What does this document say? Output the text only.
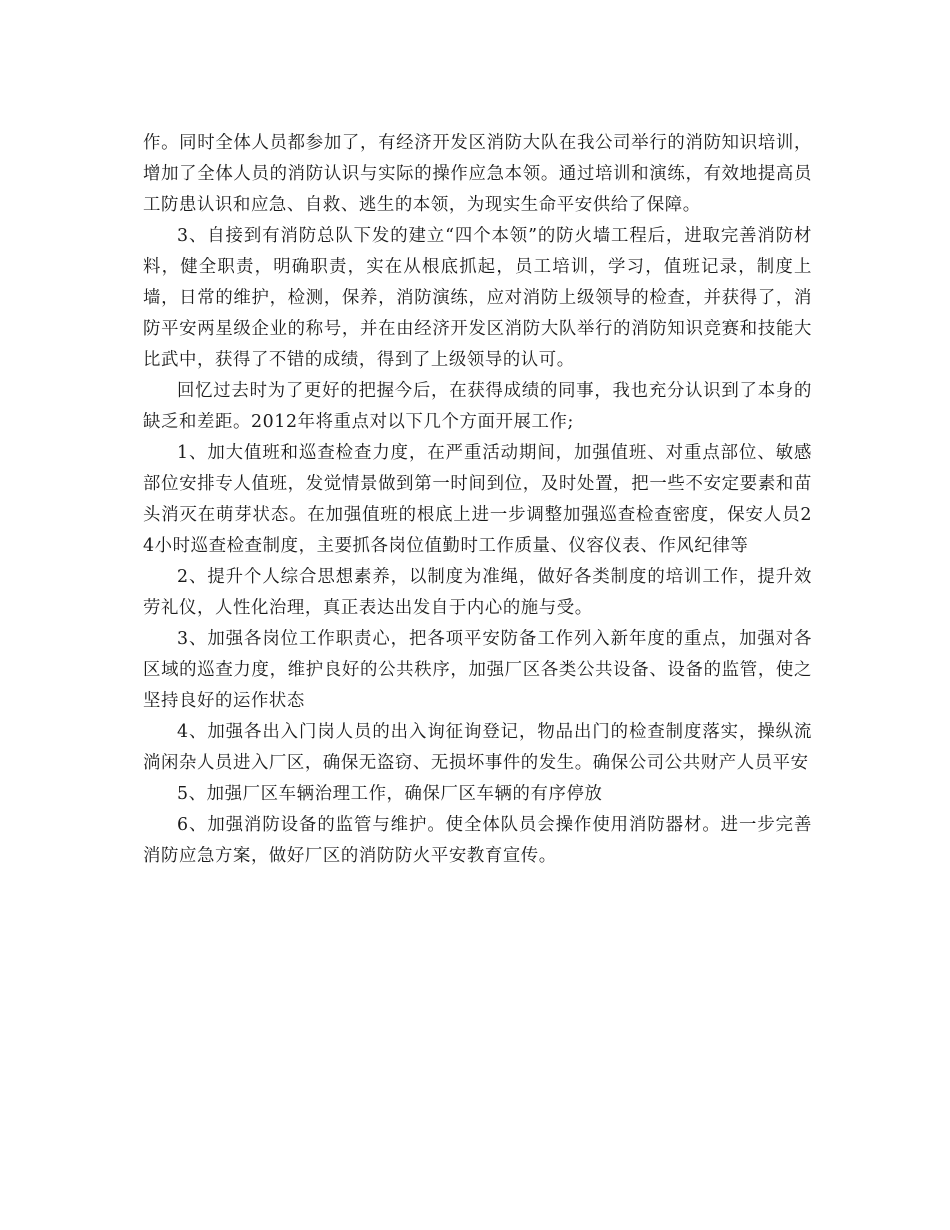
作。同时全体人员都参加了，有经济开发区消防大队在我公司举行的消防知识培训，增加了全体人员的消防认识与实际的操作应急本领。通过培训和演练，有效地提高员工防患认识和应急、自救、逃生的本领，为现实生命平安供给了保障。

3、自接到有消防总队下发的建立“四个本领”的防火墙工程后，进取完善消防材料，健全职责，明确职责，实在从根底抓起，员工培训，学习，值班记录，制度上墙，日常的维护，检测，保养，消防演练，应对消防上级领导的检查，并获得了，消防平安两星级企业的称号，并在由经济开发区消防大队举行的消防知识竞赛和技能大比武中，获得了不错的成绩，得到了上级领导的认可。

回忆过去时为了更好的把握今后，在获得成绩的同事，我也充分认识到了本身的缺乏和差距。2012年将重点对以下几个方面开展工作;

1、加大值班和巡查检查力度，在严重活动期间，加强值班、对重点部位、敏感部位安排专人值班，发觉情景做到第一时间到位，及时处置，把一些不安定要素和苗头消灭在萌芽状态。在加强值班的根底上进一步调整加强巡查检查密度，保安人员24小时巡查检查制度，主要抓各岗位值勤时工作质量、仪容仪表、作风纪律等

2、提升个人综合思想素养，以制度为准绳，做好各类制度的培训工作，提升效劳礼仪，人性化治理，真正表达出发自于内心的施与受。

3、加强各岗位工作职责心，把各项平安防备工作列入新年度的重点，加强对各区域的巡查力度，维护良好的公共秩序，加强厂区各类公共设备、设备的监管，使之坚持良好的运作状态

4、加强各出入门岗人员的出入询征询登记，物品出门的检查制度落实，操纵流淌闲杂人员进入厂区，确保无盗窃、无损坏事件的发生。确保公司公共财产人员平安

5、加强厂区车辆治理工作，确保厂区车辆的有序停放

6、加强消防设备的监管与维护。使全体队员会操作使用消防器材。进一步完善消防应急方案，做好厂区的消防防火平安教育宣传。
